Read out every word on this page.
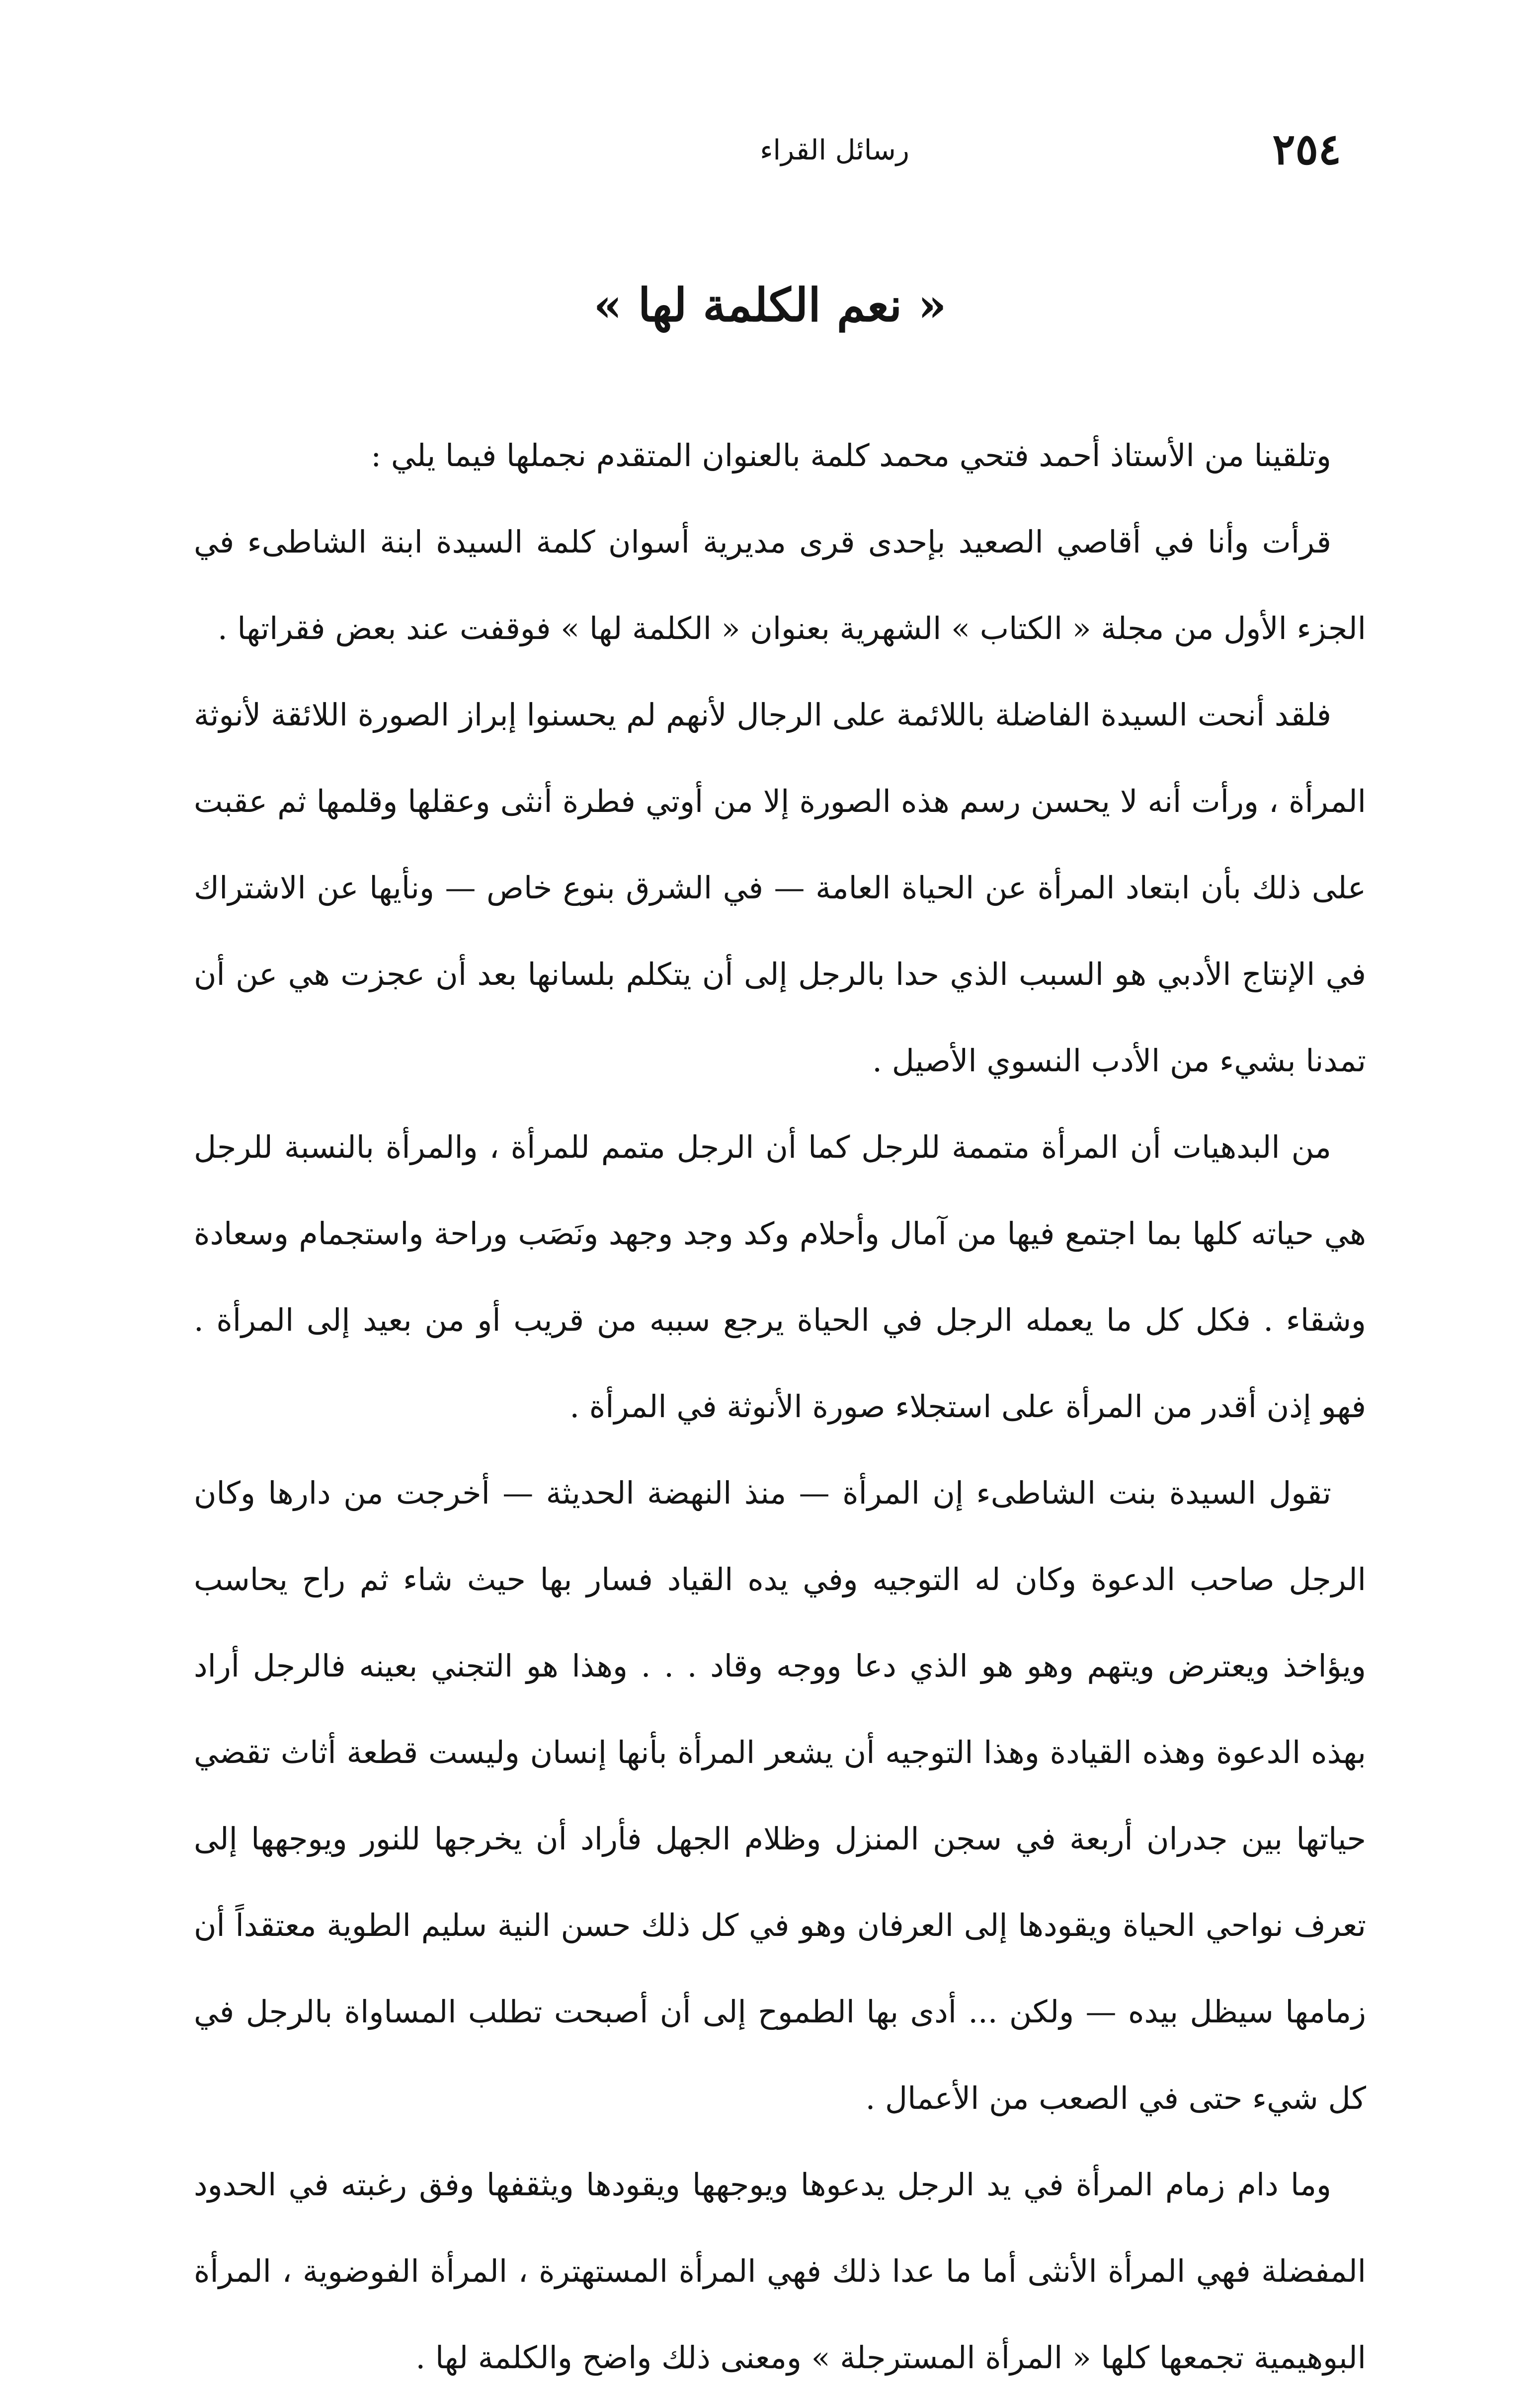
٢٥٤
رسائل القراء
« نعم الكلمة لها »

وتلقينا من الأستاذ أحمد فتحي محمد كلمة بالعنوان المتقدم نجملها فيما يلي :

قرأت وأنا في أقاصي الصعيد بإحدى قرى مديرية أسوان كلمة السيدة ابنة الشاطىء في الجزء الأول من مجلة « الكتاب » الشهرية بعنوان « الكلمة لها » فوقفت عند بعض فقراتها .

فلقد أنحت السيدة الفاضلة باللائمة على الرجال لأنهم لم يحسنوا إبراز الصورة اللائقة لأنوثة المرأة ، ورأت أنه لا يحسن رسم هذه الصورة إلا من أوتي فطرة أنثى وعقلها وقلمها ثم عقبت على ذلك بأن ابتعاد المرأة عن الحياة العامة — في الشرق بنوع خاص — ونأيها عن الاشتراك في الإنتاج الأدبي هو السبب الذي حدا بالرجل إلى أن يتكلم بلسانها بعد أن عجزت هي عن أن تمدنا بشيء من الأدب النسوي الأصيل .

من البدهيات أن المرأة متممة للرجل كما أن الرجل متمم للمرأة ، والمرأة بالنسبة للرجل هي حياته كلها بما اجتمع فيها من آمال وأحلام وكد وجد وجهد ونَصَب وراحة واستجمام وسعادة وشقاء . فكل كل ما يعمله الرجل في الحياة يرجع سببه من قريب أو من بعيد إلى المرأة . فهو إذن أقدر من المرأة على استجلاء صورة الأنوثة في المرأة .

تقول السيدة بنت الشاطىء إن المرأة — منذ النهضة الحديثة — أخرجت من دارها وكان الرجل صاحب الدعوة وكان له التوجيه وفي يده القياد فسار بها حيث شاء ثم راح يحاسب ويؤاخذ ويعترض ويتهم وهو هو الذي دعا ووجه وقاد . . . وهذا هو التجني بعينه فالرجل أراد بهذه الدعوة وهذه القيادة وهذا التوجيه أن يشعر المرأة بأنها إنسان وليست قطعة أثاث تقضي حياتها بين جدران أربعة في سجن المنزل وظلام الجهل فأراد أن يخرجها للنور ويوجهها إلى تعرف نواحي الحياة ويقودها إلى العرفان وهو في كل ذلك حسن النية سليم الطوية معتقداً أن زمامها سيظل بيده — ولكن ... أدى بها الطموح إلى أن أصبحت تطلب المساواة بالرجل في كل شيء حتى في الصعب من الأعمال .

وما دام زمام المرأة في يد الرجل يدعوها ويوجهها ويقودها ويثقفها وفق رغبته في الحدود المفضلة فهي المرأة الأنثى أما ما عدا ذلك فهي المرأة المستهترة ، المرأة الفوضوية ، المرأة البوهيمية تجمعها كلها « المرأة المسترجلة » ومعنى ذلك واضح والكلمة لها .
